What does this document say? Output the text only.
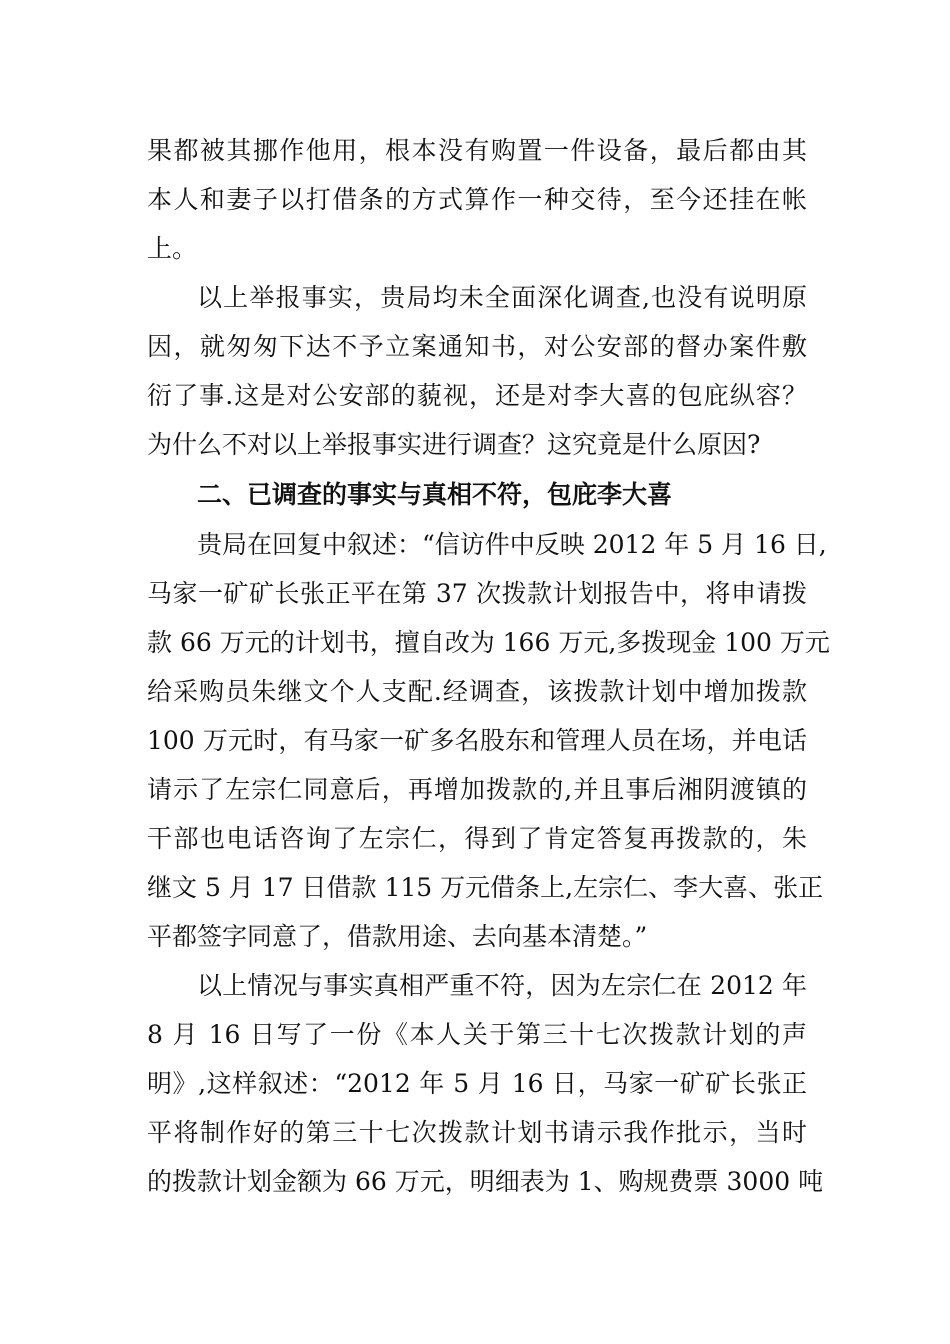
果都被其挪作他用，根本没有购置一件设备，最后都由其
本人和妻子以打借条的方式算作一种交待，至今还挂在帐
上。
以上举报事实，贵局均未全面深化调查,也没有说明原
因，就匆匆下达不予立案通知书，对公安部的督办案件敷
衍了事.这是对公安部的藐视，还是对李大喜的包庇纵容？
为什么不对以上举报事实进行调查？这究竟是什么原因?
二、已调查的事实与真相不符，包庇李大喜
贵局在回复中叙述：“信访件中反映 2012 年 5 月 16 日,
马家一矿矿长张正平在第 37 次拨款计划报告中，将申请拨
款 66 万元的计划书，擅自改为 166 万元,多拨现金 100 万元
给采购员朱继文个人支配.经调查，该拨款计划中增加拨款
100 万元时，有马家一矿多名股东和管理人员在场，并电话
请示了左宗仁同意后，再增加拨款的,并且事后湘阴渡镇的
干部也电话咨询了左宗仁，得到了肯定答复再拨款的，朱
继文 5 月 17 日借款 115 万元借条上,左宗仁、李大喜、张正
平都签字同意了，借款用途、去向基本清楚。”
以上情况与事实真相严重不符，因为左宗仁在 2012 年
8 月 16 日写了一份《本人关于第三十七次拨款计划的声
明》,这样叙述：“2012 年 5 月 16 日，马家一矿矿长张正
平将制作好的第三十七次拨款计划书请示我作批示，当时
的拨款计划金额为 66 万元，明细表为 1、购规费票 3000 吨
